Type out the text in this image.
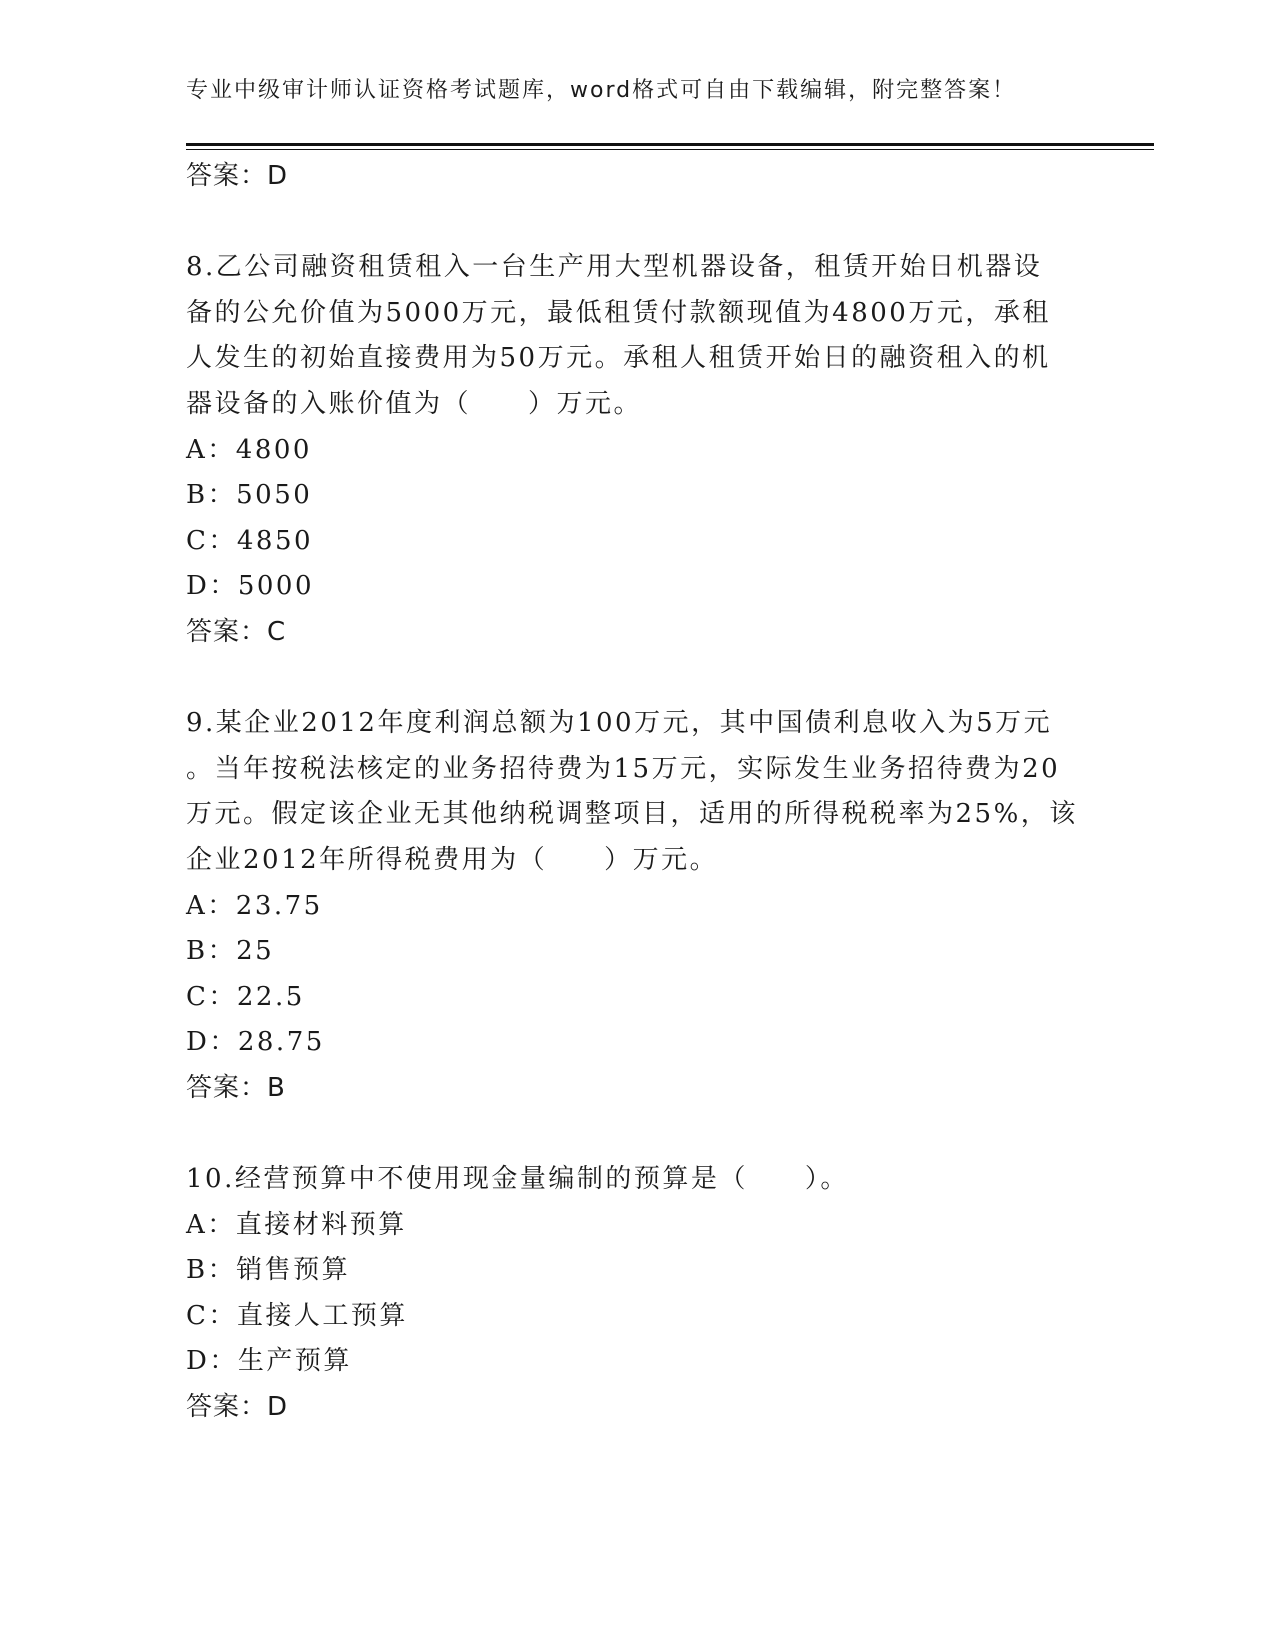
专业中级审计师认证资格考试题库，word格式可自由下载编辑，附完整答案！
答案：D
8.乙公司融资租赁租入一台生产用大型机器设备，租赁开始日机器设
备的公允价值为5000万元，最低租赁付款额现值为4800万元，承租
人发生的初始直接费用为50万元。承租人租赁开始日的融资租入的机
器设备的入账价值为（　　）万元。
A：4800
B：5050
C：4850
D：5000
答案：C
9.某企业2012年度利润总额为100万元，其中国债利息收入为5万元
。当年按税法核定的业务招待费为15万元，实际发生业务招待费为20
万元。假定该企业无其他纳税调整项目，适用的所得税税率为25%，该
企业2012年所得税费用为（　　）万元。
A：23.75
B：25
C：22.5
D：28.75
答案：B
10.经营预算中不使用现金量编制的预算是（　　）。
A：直接材料预算
B：销售预算
C：直接人工预算
D：生产预算
答案：D
